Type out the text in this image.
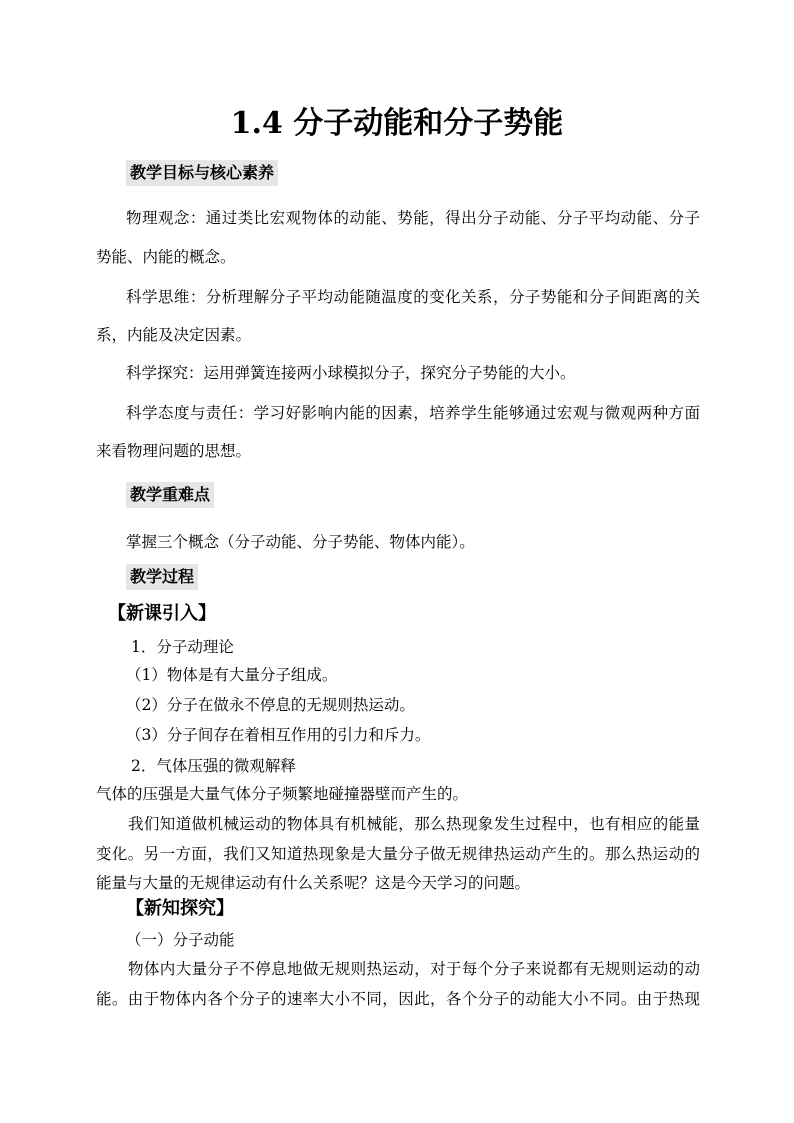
1.4 分子动能和分子势能
教学目标与核心素养
物理观念：通过类比宏观物体的动能、势能，得出分子动能、分子平均动能、分子
势能、内能的概念。
科学思维：分析理解分子平均动能随温度的变化关系，分子势能和分子间距离的关
系，内能及决定因素。
科学探究：运用弹簧连接两小球模拟分子，探究分子势能的大小。
科学态度与责任：学习好影响内能的因素，培养学生能够通过宏观与微观两种方面
来看物理问题的思想。
教学重难点
掌握三个概念（分子动能、分子势能、物体内能）。
教学过程
【新课引入】
1．分子动理论
（1）物体是有大量分子组成。
（2）分子在做永不停息的无规则热运动。
（3）分子间存在着相互作用的引力和斥力。
2．气体压强的微观解释
气体的压强是大量气体分子频繁地碰撞器壁而产生的。
我们知道做机械运动的物体具有机械能，那么热现象发生过程中，也有相应的能量
变化。另一方面，我们又知道热现象是大量分子做无规律热运动产生的。那么热运动的
能量与大量的无规律运动有什么关系呢？这是今天学习的问题。
【新知探究】
（一）分子动能
物体内大量分子不停息地做无规则热运动，对于每个分子来说都有无规则运动的动
能。由于物体内各个分子的速率大小不同，因此，各个分子的动能大小不同。由于热现
